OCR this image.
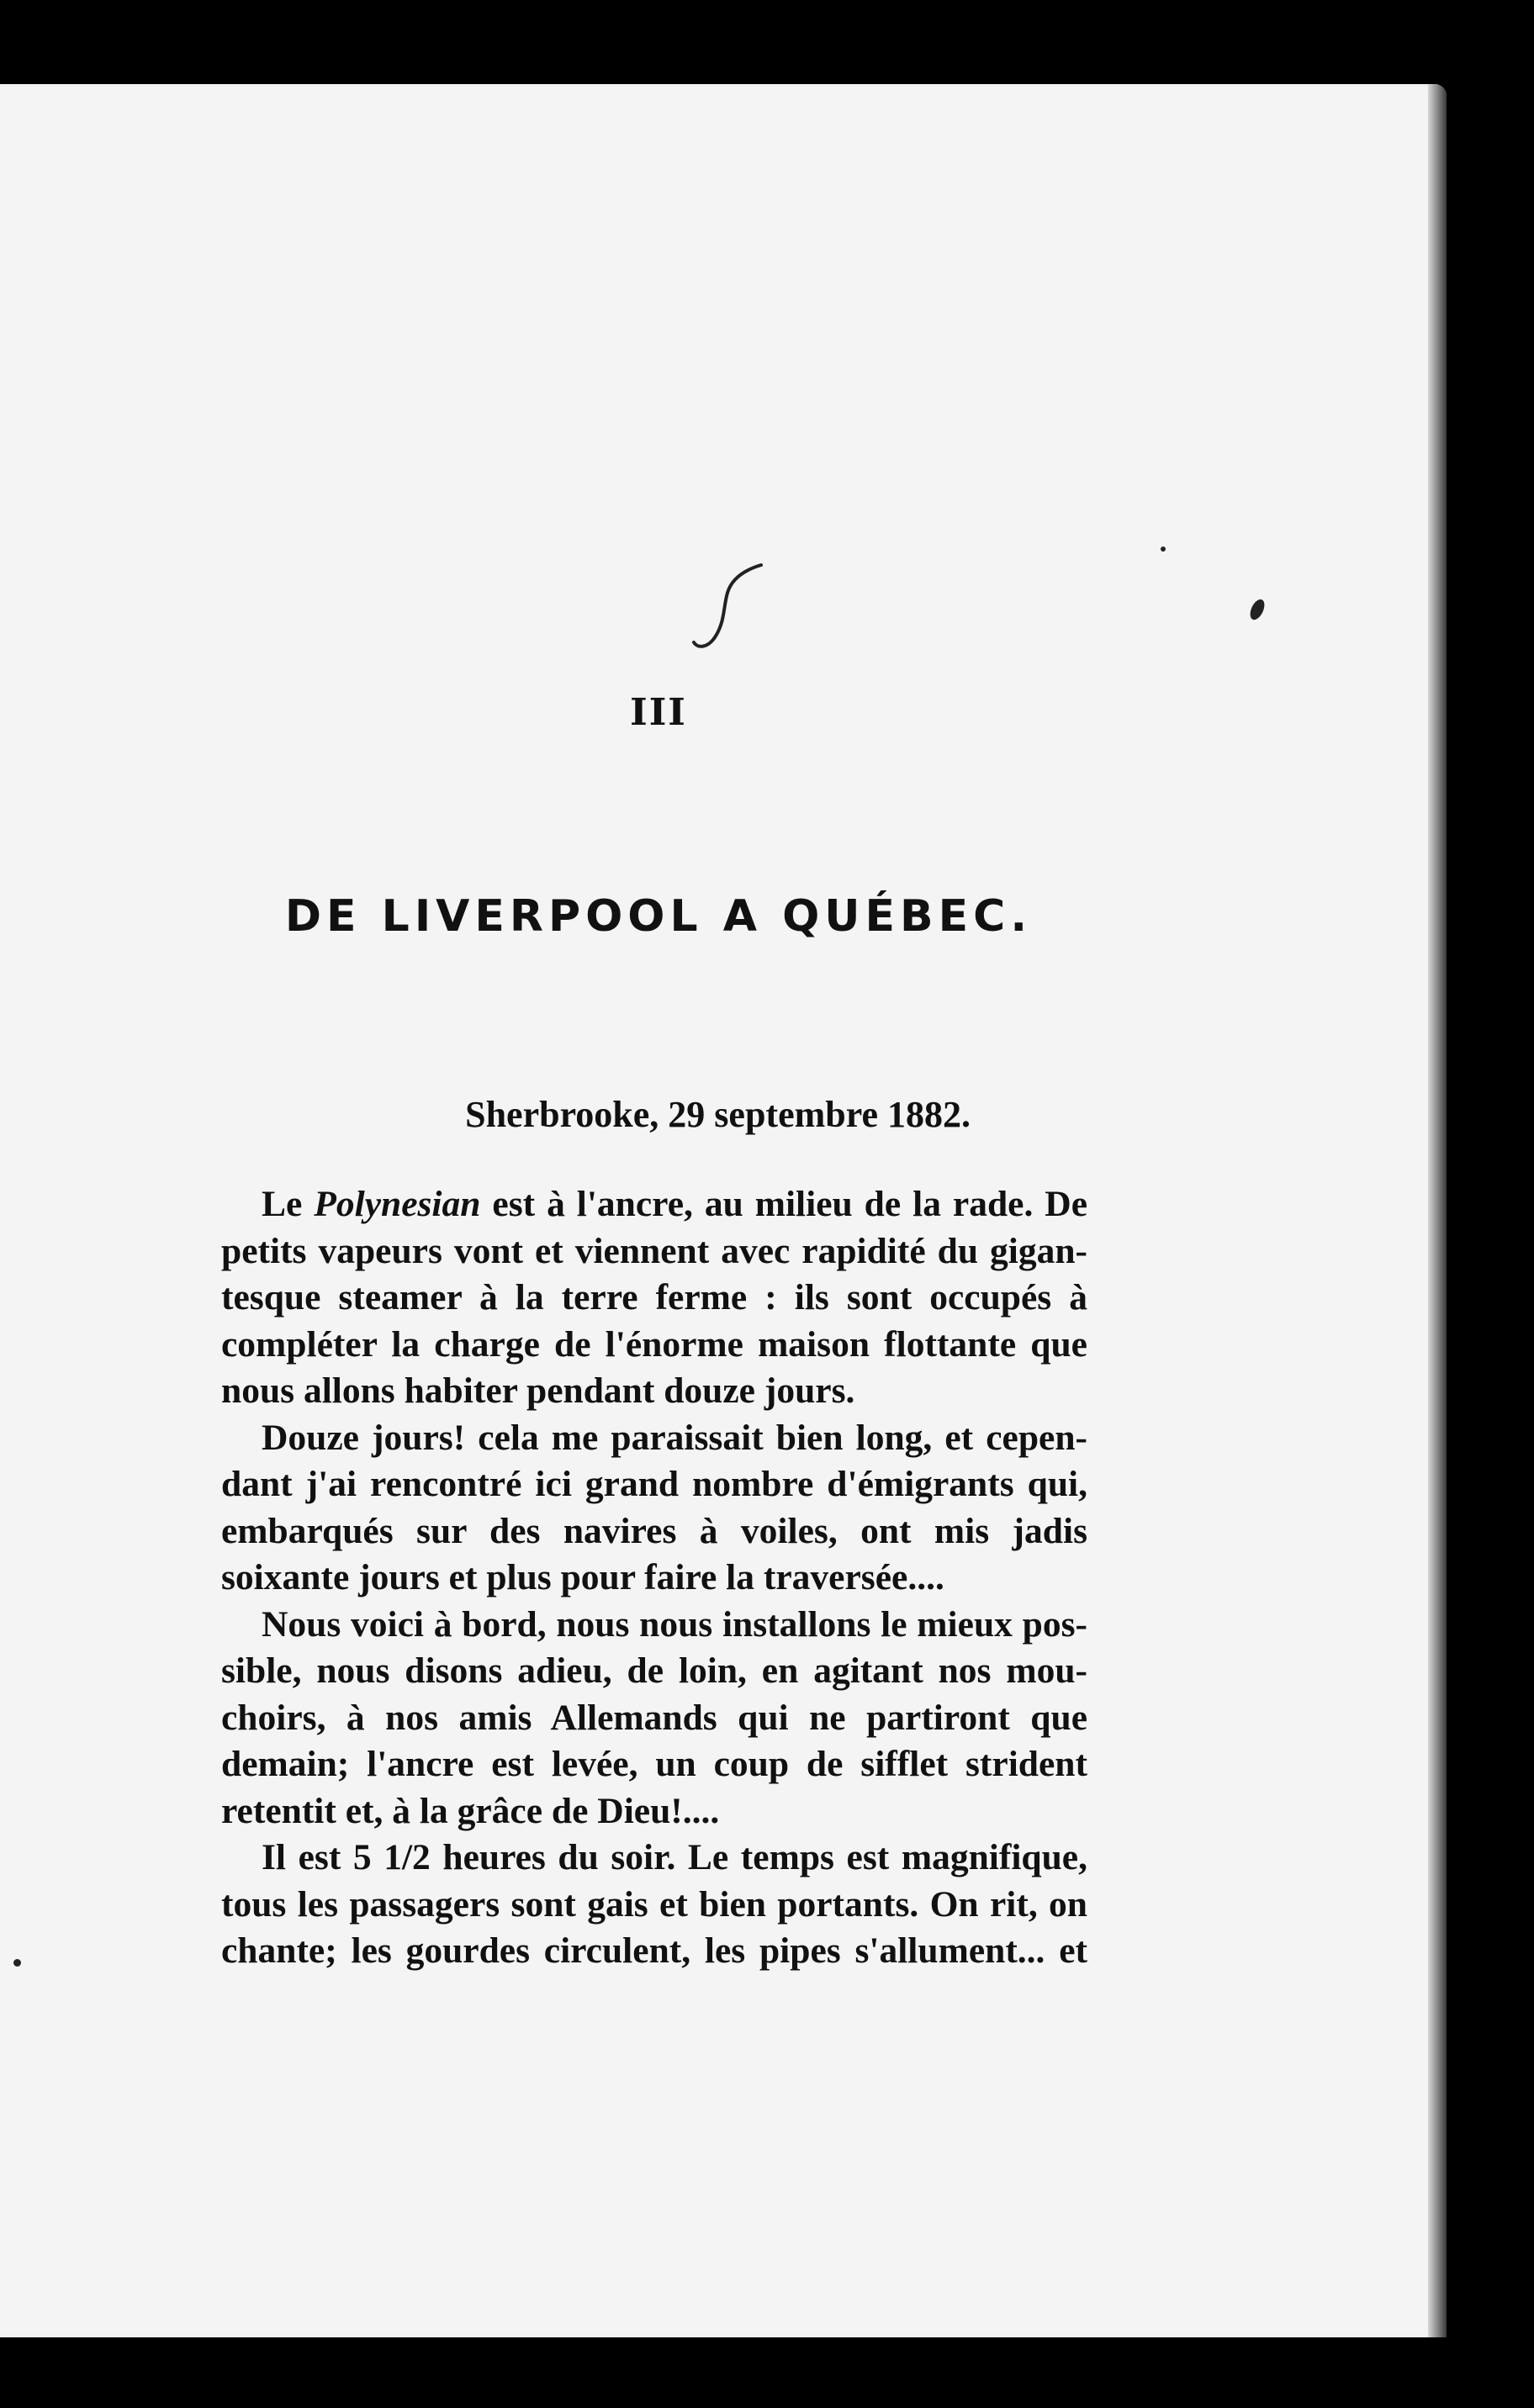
III
DE LIVERPOOL A QUÉBEC.
Sherbrooke, 29 septembre 1882.
Le Polynesian est à l'ancre, au milieu de la rade. De
petits vapeurs vont et viennent avec rapidité du gigan-
tesque steamer à la terre ferme : ils sont occupés à
compléter la charge de l'énorme maison flottante que
nous allons habiter pendant douze jours.
Douze jours! cela me paraissait bien long, et cepen-
dant j'ai rencontré ici grand nombre d'émigrants qui,
embarqués sur des navires à voiles, ont mis jadis
soixante jours et plus pour faire la traversée....
Nous voici à bord, nous nous installons le mieux pos-
sible, nous disons adieu, de loin, en agitant nos mou-
choirs, à nos amis Allemands qui ne partiront que
demain; l'ancre est levée, un coup de sifflet strident
retentit et, à la grâce de Dieu!....
Il est 5 1/2 heures du soir. Le temps est magnifique,
tous les passagers sont gais et bien portants. On rit, on
chante; les gourdes circulent, les pipes s'allument... et
